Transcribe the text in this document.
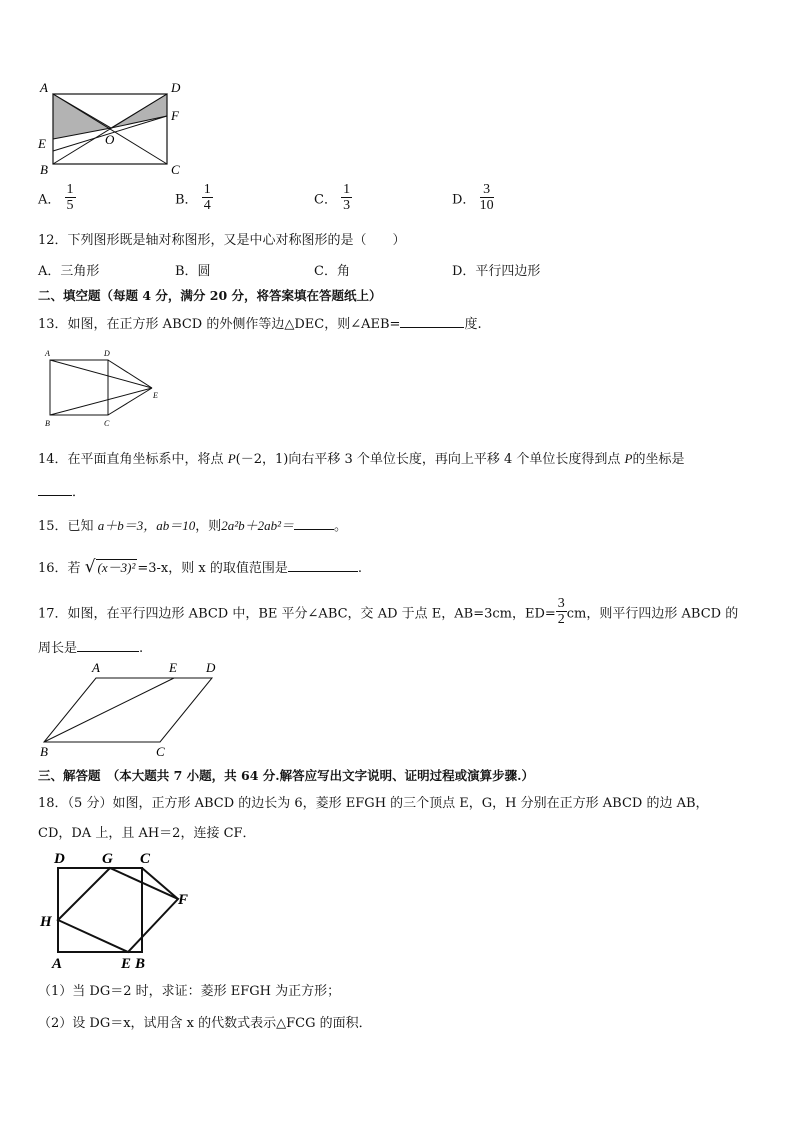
A	D
F
E	O
B	C
A． $\frac{1}{5}$	B． $\frac{1}{4}$	C． $\frac{1}{3}$	D． $\frac{3}{10}$
12．下列图形既是轴对称图形，又是中心对称图形的是（　　）
A．三角形	B．圆	C．角	D．平行四边形
二、填空题（每题 4 分，满分 20 分，将答案填在答题纸上）
13．如图，在正方形 ABCD 的外侧作等边△DEC，则∠AEB=	度.
A	D
B	C
E
14．在平面直角坐标系中，将点 P(－2，1)向右平移 3 个单位长度，再向上平移 4 个单位长度得到点 P的坐标是
．
15．已知 a＋b＝3，ab＝10，则2a²b＋2ab²＝	。
16．若 √ (x－3)² =3-x，则 x 的取值范围是	.
17．如图，在平行四边形 ABCD 中，BE 平分∠ABC，交 AD 于点 E，AB=3cm，$ED= \frac{3}{2}$ cm，则平行四边形 ABCD 的
周长是	.
A	E D
B	C
三、解答题　（本大题共 7 小题，共 64 分.解答应写出文字说明、证明过程或演算步骤.）
18．（5 分）如图，正方形 ABCD 的边长为 6，菱形 EFGH 的三个顶点 E，G，H 分别在正方形 ABCD 的边 AB，
CD，DA 上，且 AH＝2，连接 CF．
D G C
F
H
A	E B
（1）当 DG＝2 时，求证：菱形 EFGH 为正方形；
（2）设 DG＝x，试用含 x 的代数式表示△FCG 的面积．
